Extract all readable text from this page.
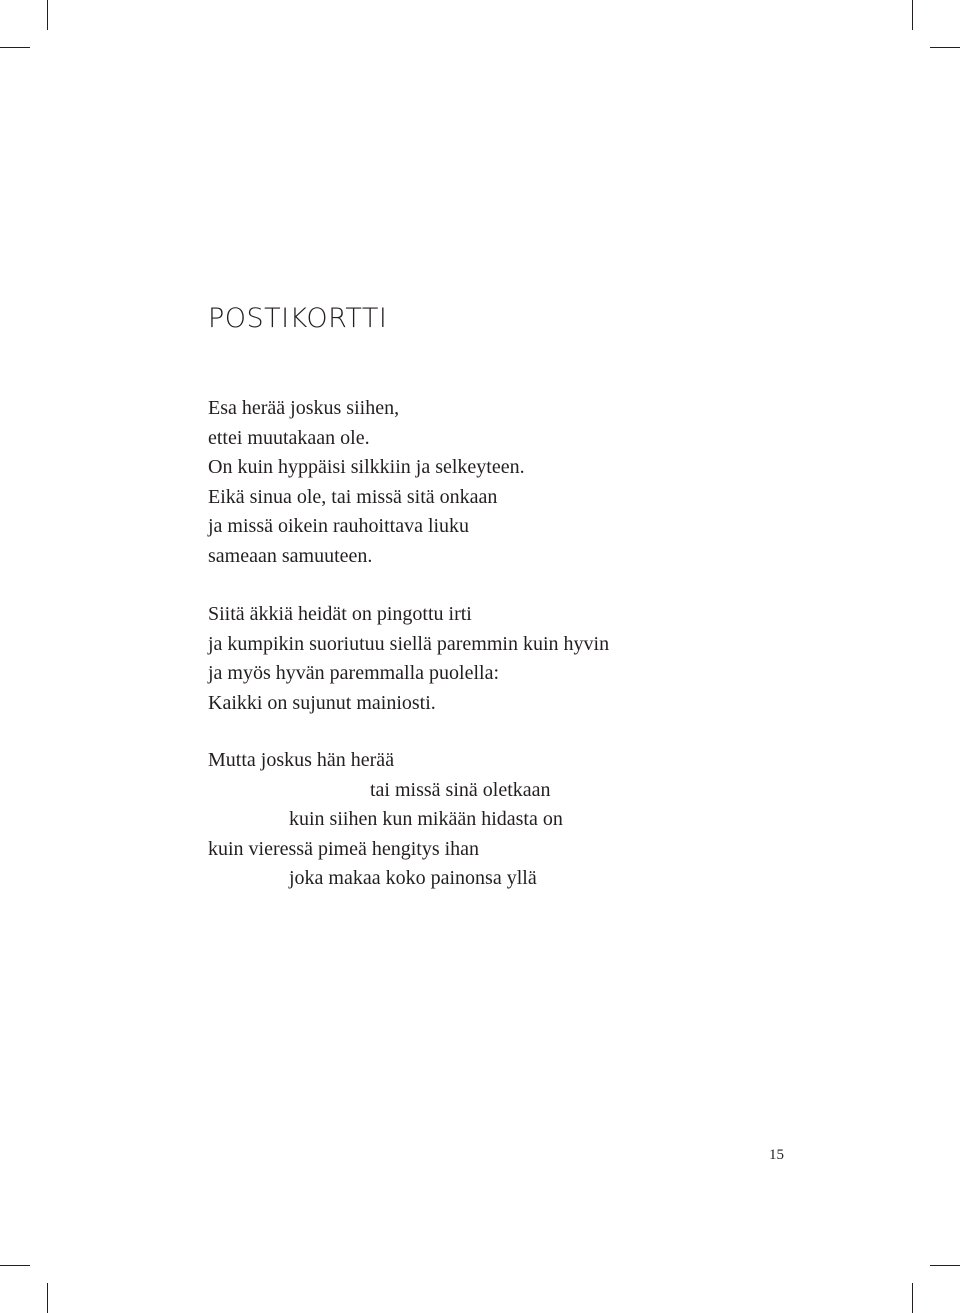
POSTIKORTTI
Esa herää joskus siihen,
ettei muutakaan ole.
On kuin hyppäisi silkkiin ja selkeyteen.
Eikä sinua ole, tai missä sitä onkaan
ja missä oikein rauhoittava liuku
sameaan samuuteen.
Siitä äkkiä heidät on pingottu irti
ja kumpikin suoriutuu siellä paremmin kuin hyvin
ja myös hyvän paremmalla puolella:
Kaikki on sujunut mainiosti.
Mutta joskus hän herää
tai missä sinä oletkaan
kuin siihen kun mikään hidasta on
kuin vieressä pimeä hengitys ihan
joka makaa koko painonsa yllä
15
